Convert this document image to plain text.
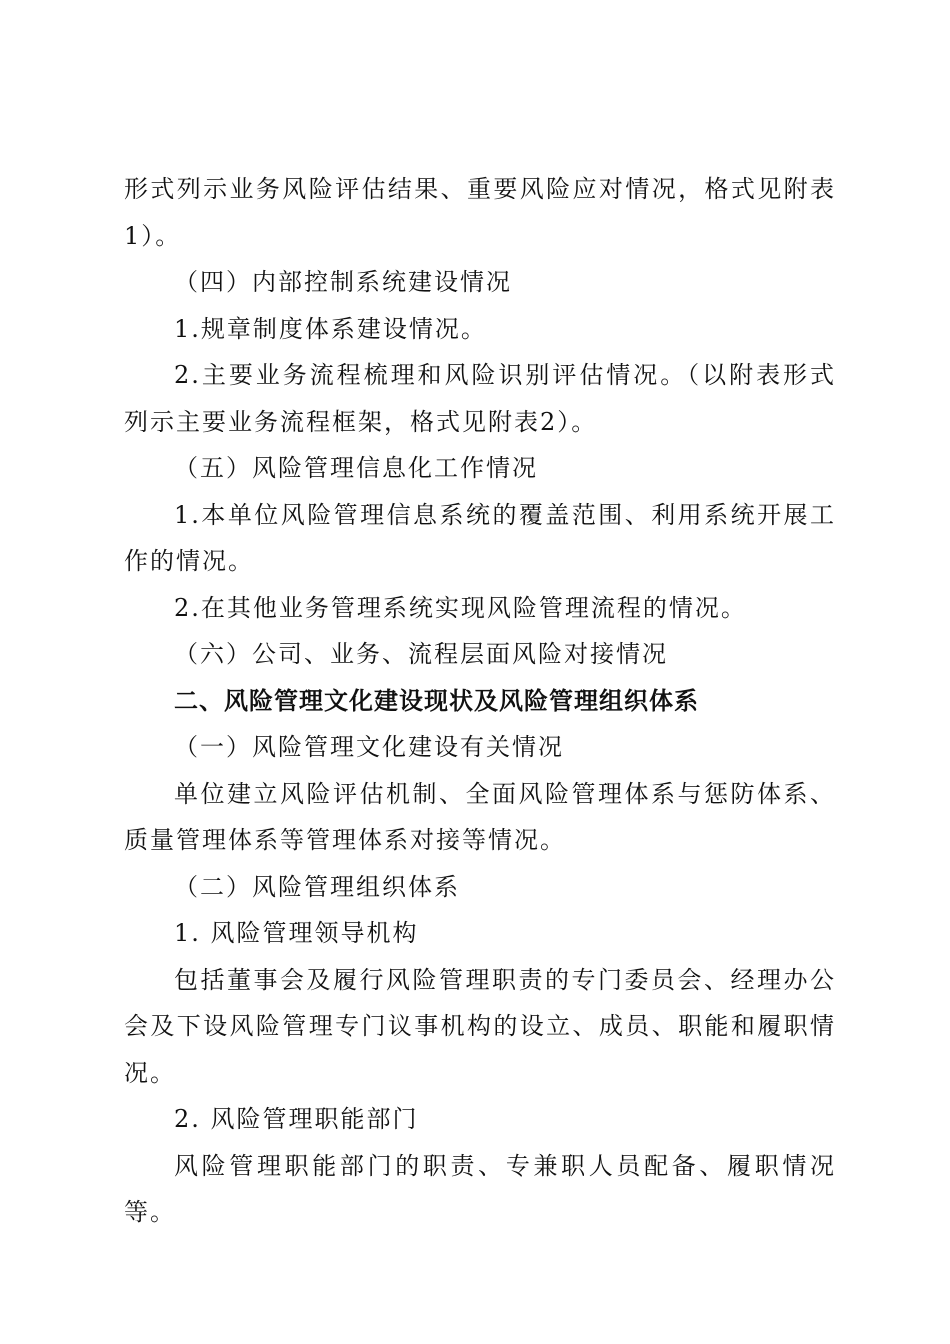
形式列示业务风险评估结果、重要风险应对情况，格式见附表1）。

（四）内部控制系统建设情况

1.规章制度体系建设情况。

2.主要业务流程梳理和风险识别评估情况。（以附表形式列示主要业务流程框架，格式见附表2）。

（五）风险管理信息化工作情况

1.本单位风险管理信息系统的覆盖范围、利用系统开展工作的情况。

2.在其他业务管理系统实现风险管理流程的情况。

（六）公司、业务、流程层面风险对接情况

二、风险管理文化建设现状及风险管理组织体系

（一）风险管理文化建设有关情况

单位建立风险评估机制、全面风险管理体系与惩防体系、质量管理体系等管理体系对接等情况。

（二）风险管理组织体系

1. 风险管理领导机构

包括董事会及履行风险管理职责的专门委员会、经理办公会及下设风险管理专门议事机构的设立、成员、职能和履职情况。

2. 风险管理职能部门

风险管理职能部门的职责、专兼职人员配备、履职情况等。
